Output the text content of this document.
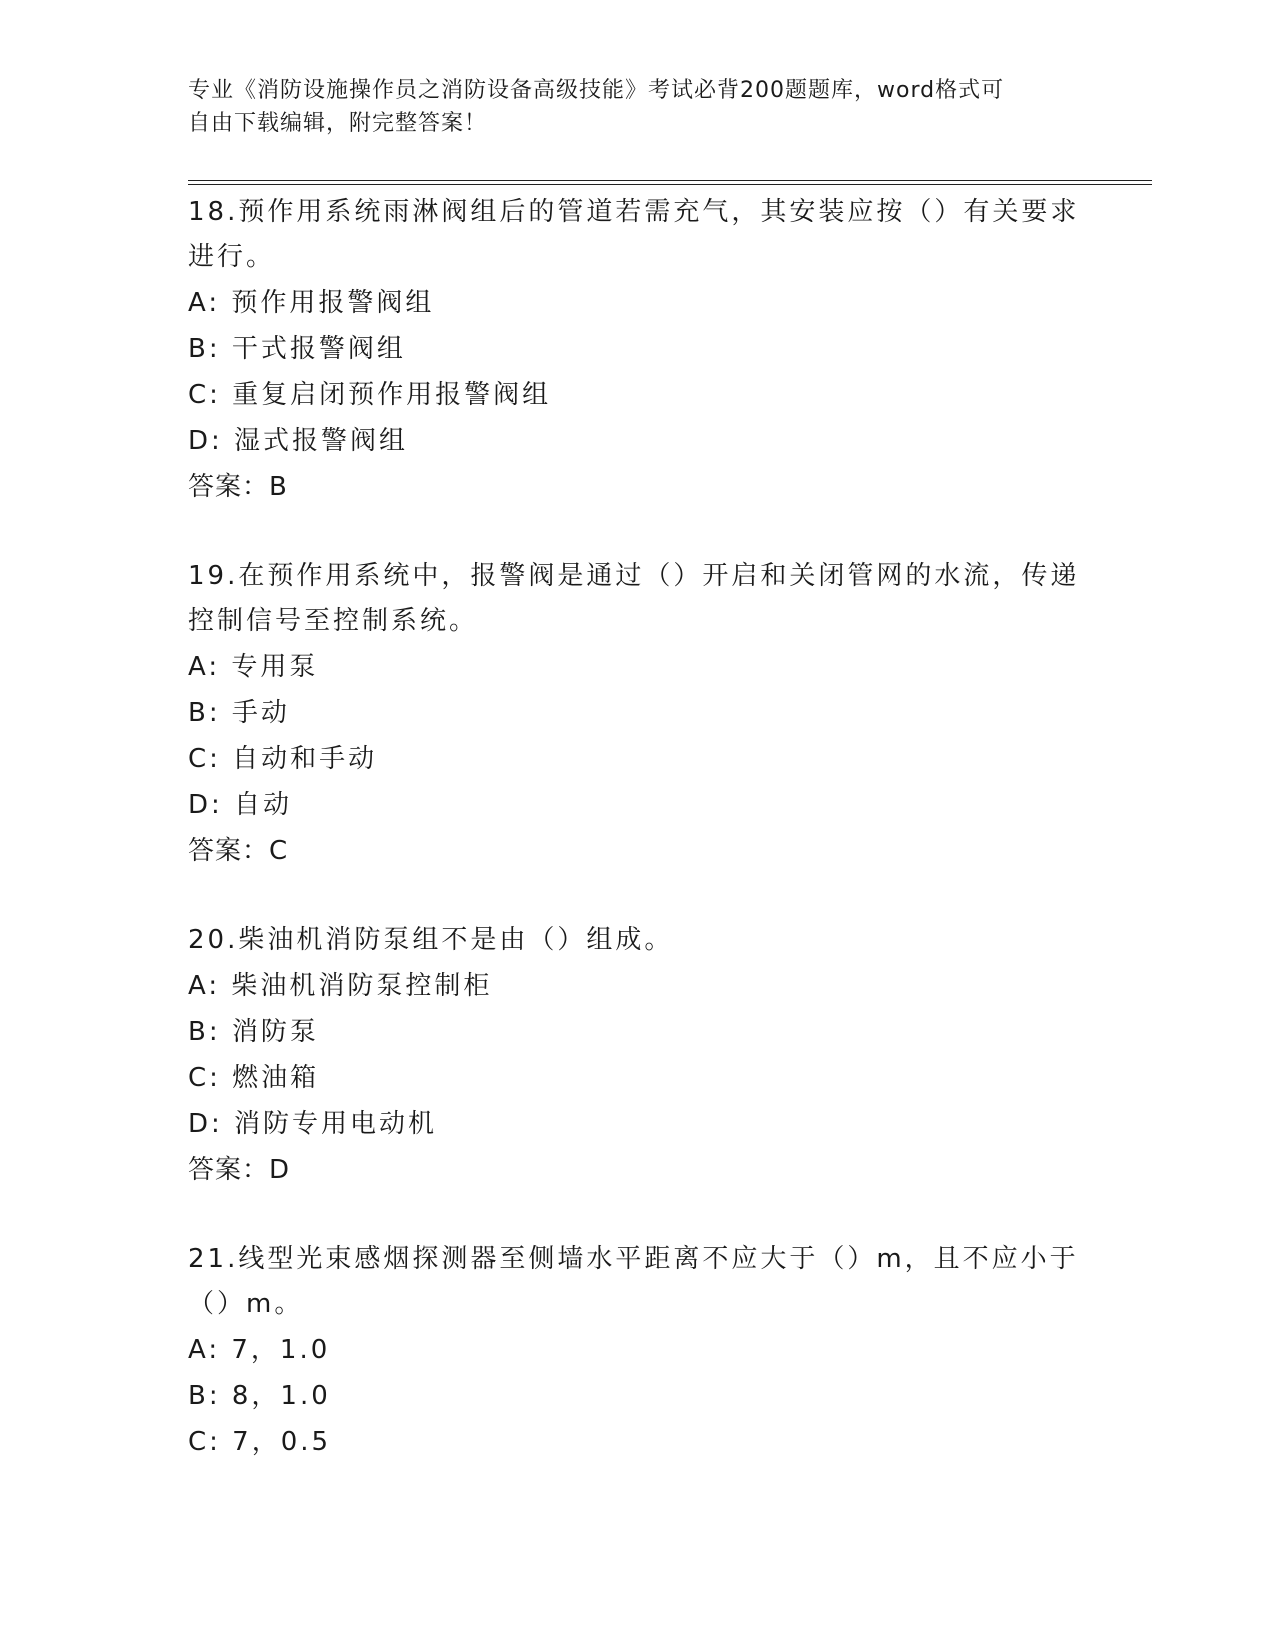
专业《消防设施操作员之消防设备高级技能》考试必背200题题库，word格式可
自由下载编辑，附完整答案！

18.预作用系统雨淋阀组后的管道若需充气，其安装应按（）有关要求
进行。

A: 预作用报警阀组

B: 干式报警阀组

C: 重复启闭预作用报警阀组

D: 湿式报警阀组

答案：B

19.在预作用系统中，报警阀是通过（）开启和关闭管网的水流，传递
控制信号至控制系统。

A: 专用泵

B: 手动

C: 自动和手动

D: 自动

答案：C

20.柴油机消防泵组不是由（）组成。

A: 柴油机消防泵控制柜

B: 消防泵

C: 燃油箱

D: 消防专用电动机

答案：D

21.线型光束感烟探测器至侧墙水平距离不应大于（）m，且不应小于
（）m。

A: 7，1.0

B: 8，1.0

C: 7，0.5
